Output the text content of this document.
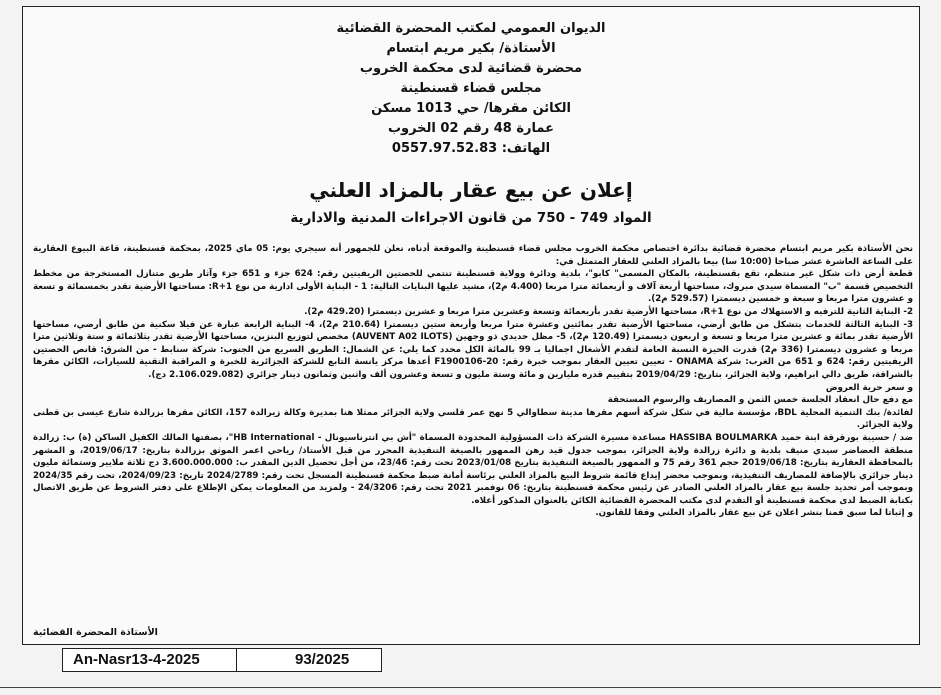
الديوان العمومي لمكتب المحضرة القضائية
الأستاذة/ بكير مريم ابتسام
محضرة قضائية لدى محكمة الخروب
مجلس قضاء قسنطينة
الكائن مقرها/ حي 1013 مسكن
عمارة 48 رقم 02 الخروب
الهاتف: 0557.97.52.83
إعلان عن بيع عقار بالمزاد العلني
المواد 749 - 750 من قانون الاجراءات المدنية والادارية

نحن الأستاذة بكير مريم ابتسام محضرة قضائية بدائرة اختصاص محكمة الخروب مجلس قضاء قسنطينة والموقعة أدناه، نعلن للجمهور أنه سيجري يوم: 05 ماي 2025، بمحكمة قسنطينة، قاعة البيوع العقارية على الساعة العاشرة عشر صباحا (10:00 سا) بيعا بالمزاد العلني للعقار المتمثل في:

قطعة أرض ذات شكل غير منتظم، تقع بقسنطينة، بالمكان المسمى" كابو"، بلدية ودائرة وولاية قسنطينة تنتمي للحصتين الريفيتين رقم: 624 جزء و 651 جزء وآثار طريق متنازل المستخرجة من مخطط التخصيص قسمة "ب" المسماة سيدي مبروك، مساحتها أربعة آلاف و أربعمائة مترا مربعا (4.400 م2)، مشيد عليها البنايات التالية: 1 - البناية الأولى ادارية من نوع R+1: مساحتها الأرضية تقدر بخمسمائة و تسعة و عشرون مترا مربعا و سبعة و خمسين ديسمترا (529.57 م2).

2- البناية الثانية للترفيه و الاستهلاك من نوع R+1، مساحتها الأرضية تقدر بأربعمائة وتسعة وعشرين مترا مربعا و عشرين ديسمترا (429.20 م2).

3- البناية الثالثة للخدمات بتشكل من طابق أرضي، مساحتها الأرضية تقدر بمائتين وعشرة مترا مربعا وأربعة ستين ديسمترا (210.64 م2)، 4- البناية الرابعة عبارة عن فيلا سكنية من طابق أرضي، مساحتها الأرضية تقدر بمائة و عشرين مترا مربعا و تسعة و اربعون ديسمترا (120.49 م2)، 5- مظل حديدي ذو وجهين (AUVENT A02 ILOTS) مخصص لتوزيع البنزين، مساحتها الأرضية تقدر بثلاثمائة و ستة وثلاثين مترا مربعا و عشرون ديسمترا (336 م2) قدرت الحيزة النسبة العامة لتقدم الأشغال اجماليا بـ 99 بالمائة الكل محدد كما يلي: عن الشمال: الطريق السريع من الجنوب: شركة سنابط - من الشرق: قانص الحصتين الريفيتين رقم: 624 و 651 من الغرب: شركة ONAMA - تعيين تعيين العقار بموجب خبرة رقم: 20-F1900106 أعدها مركز يانسة التابع للشركة الجزائرية للخبرة و المراقبة التقنية للسيارات، الكائن مقرها بالشراقة، طريق دالي ابراهيم، ولاية الجزائر، بتاريخ: 2019/04/29 بتقييم قدره مليارين و مائة وستة مليون و تسعة وعشرون ألف واثنين وثمانون دينار جزائري (2.106.029.082 دج).

و سعر حرية العروض

مع دفع حال انعقاد الجلسة خمس الثمن و المصاريف والرسوم المستحقة

لفائدة/ بنك التنمية المحلية BDL، مؤسسة مالية في شكل شركة أسهم مقرها مدينة سطاوالي 5 نهج عمر قلسي ولاية الجزائر ممثلا هنا بمديرة وكالة زيرالدة 157، الكائن مقرها بزرالدة شارع عيسى بن قطنى ولاية الجزائر.

ضد / حسيبة بورقرقة ابنة حميد HASSIBA BOULMARKA مساعدة مسيرة الشركة ذات المسؤولية المحدودة المسماة "أش بي انترناسيونال - HB International"، بصفتها المالك الكفيل الساكن (ة) ب: زرالدة منطقة العضاضر سيدي منيف بلدية و دائرة زرالدة ولاية الجزائر، بموجب جدول قيد رهن الممهور بالصيغة التنفيذية المحرر من قبل الأستاذ/ رياحي اعمر الموثق بزرالدة بتاريخ: 2019/06/17، و المشهر بالمحافظة العقارية بتاريخ: 2019/06/18 حجم 361 رقم 75 و الممهور بالصيغة التنفيذية بتاريخ 2023/01/08 تحت رقم: 23/46، من أجل تحصيل الدين المقدر ب: 3.600.000.000 دج ثلاثة ملايير وستمائة مليون دينار جزائري بالإضافة للمصاريف التنفيذية، وبموجب محضر إيداع قائمة شروط البيع بالمزاد العلني برئاسة أمانة ضبط محكمة قسنطينة المسجل تحت رقم: 2024/2789 تاريخ: 2024/09/23، تحت رقم 2024/35 وبموجب أمر تحديد جلسة بيع عقار بالمزاد العلني الصادر عن رئيس محكمة قسنطينة بتاريخ: 06 نوفمبر 2021 تحت رقم: 24/3206 - ولمزيد من المعلومات يمكن الإطلاع على دفتر الشروط عن طريق الاتصال بكتابة الضبط لدى محكمة قسنطينة أو التقدم لدى مكتب المحضرة القضائية الكائن بالعنوان المذكور أعلاه.

و إثباتا لما سبق قمنا بنشر اعلان عن بيع عقار بالمزاد العلني وفقا للقانون.

الأستاذة المحضرة القضائية
An-Nasr13-4-2025	93/2025
